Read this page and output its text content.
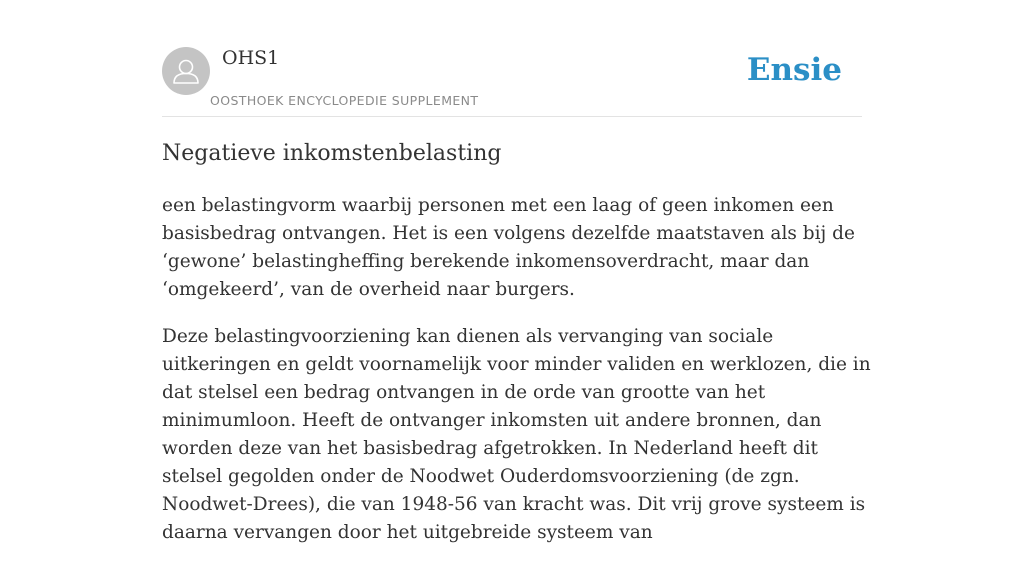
OHS1

OOSTHOEK ENCYCLOPEDIE SUPPLEMENT

Ensie

Negatieve inkomstenbelasting

een belastingvorm waarbij personen met een laag of geen inkomen een basisbedrag ontvangen. Het is een volgens dezelfde maatstaven als bij de ‘gewone’ belastingheffing berekende inkomensoverdracht, maar dan ‘omgekeerd’, van de overheid naar burgers.

Deze belastingvoorziening kan dienen als vervanging van sociale uitkeringen en geldt voornamelijk voor minder validen en werklozen, die in dat stelsel een bedrag ontvangen in de orde van grootte van het minimumloon. Heeft de ontvanger inkomsten uit andere bronnen, dan worden deze van het basisbedrag afgetrokken. In Nederland heeft dit stelsel gegolden onder de Noodwet Ouderdomsvoorziening (de zgn. Noodwet-Drees), die van 1948-56 van kracht was. Dit vrij grove systeem is daarna vervangen door het uitgebreide systeem van
